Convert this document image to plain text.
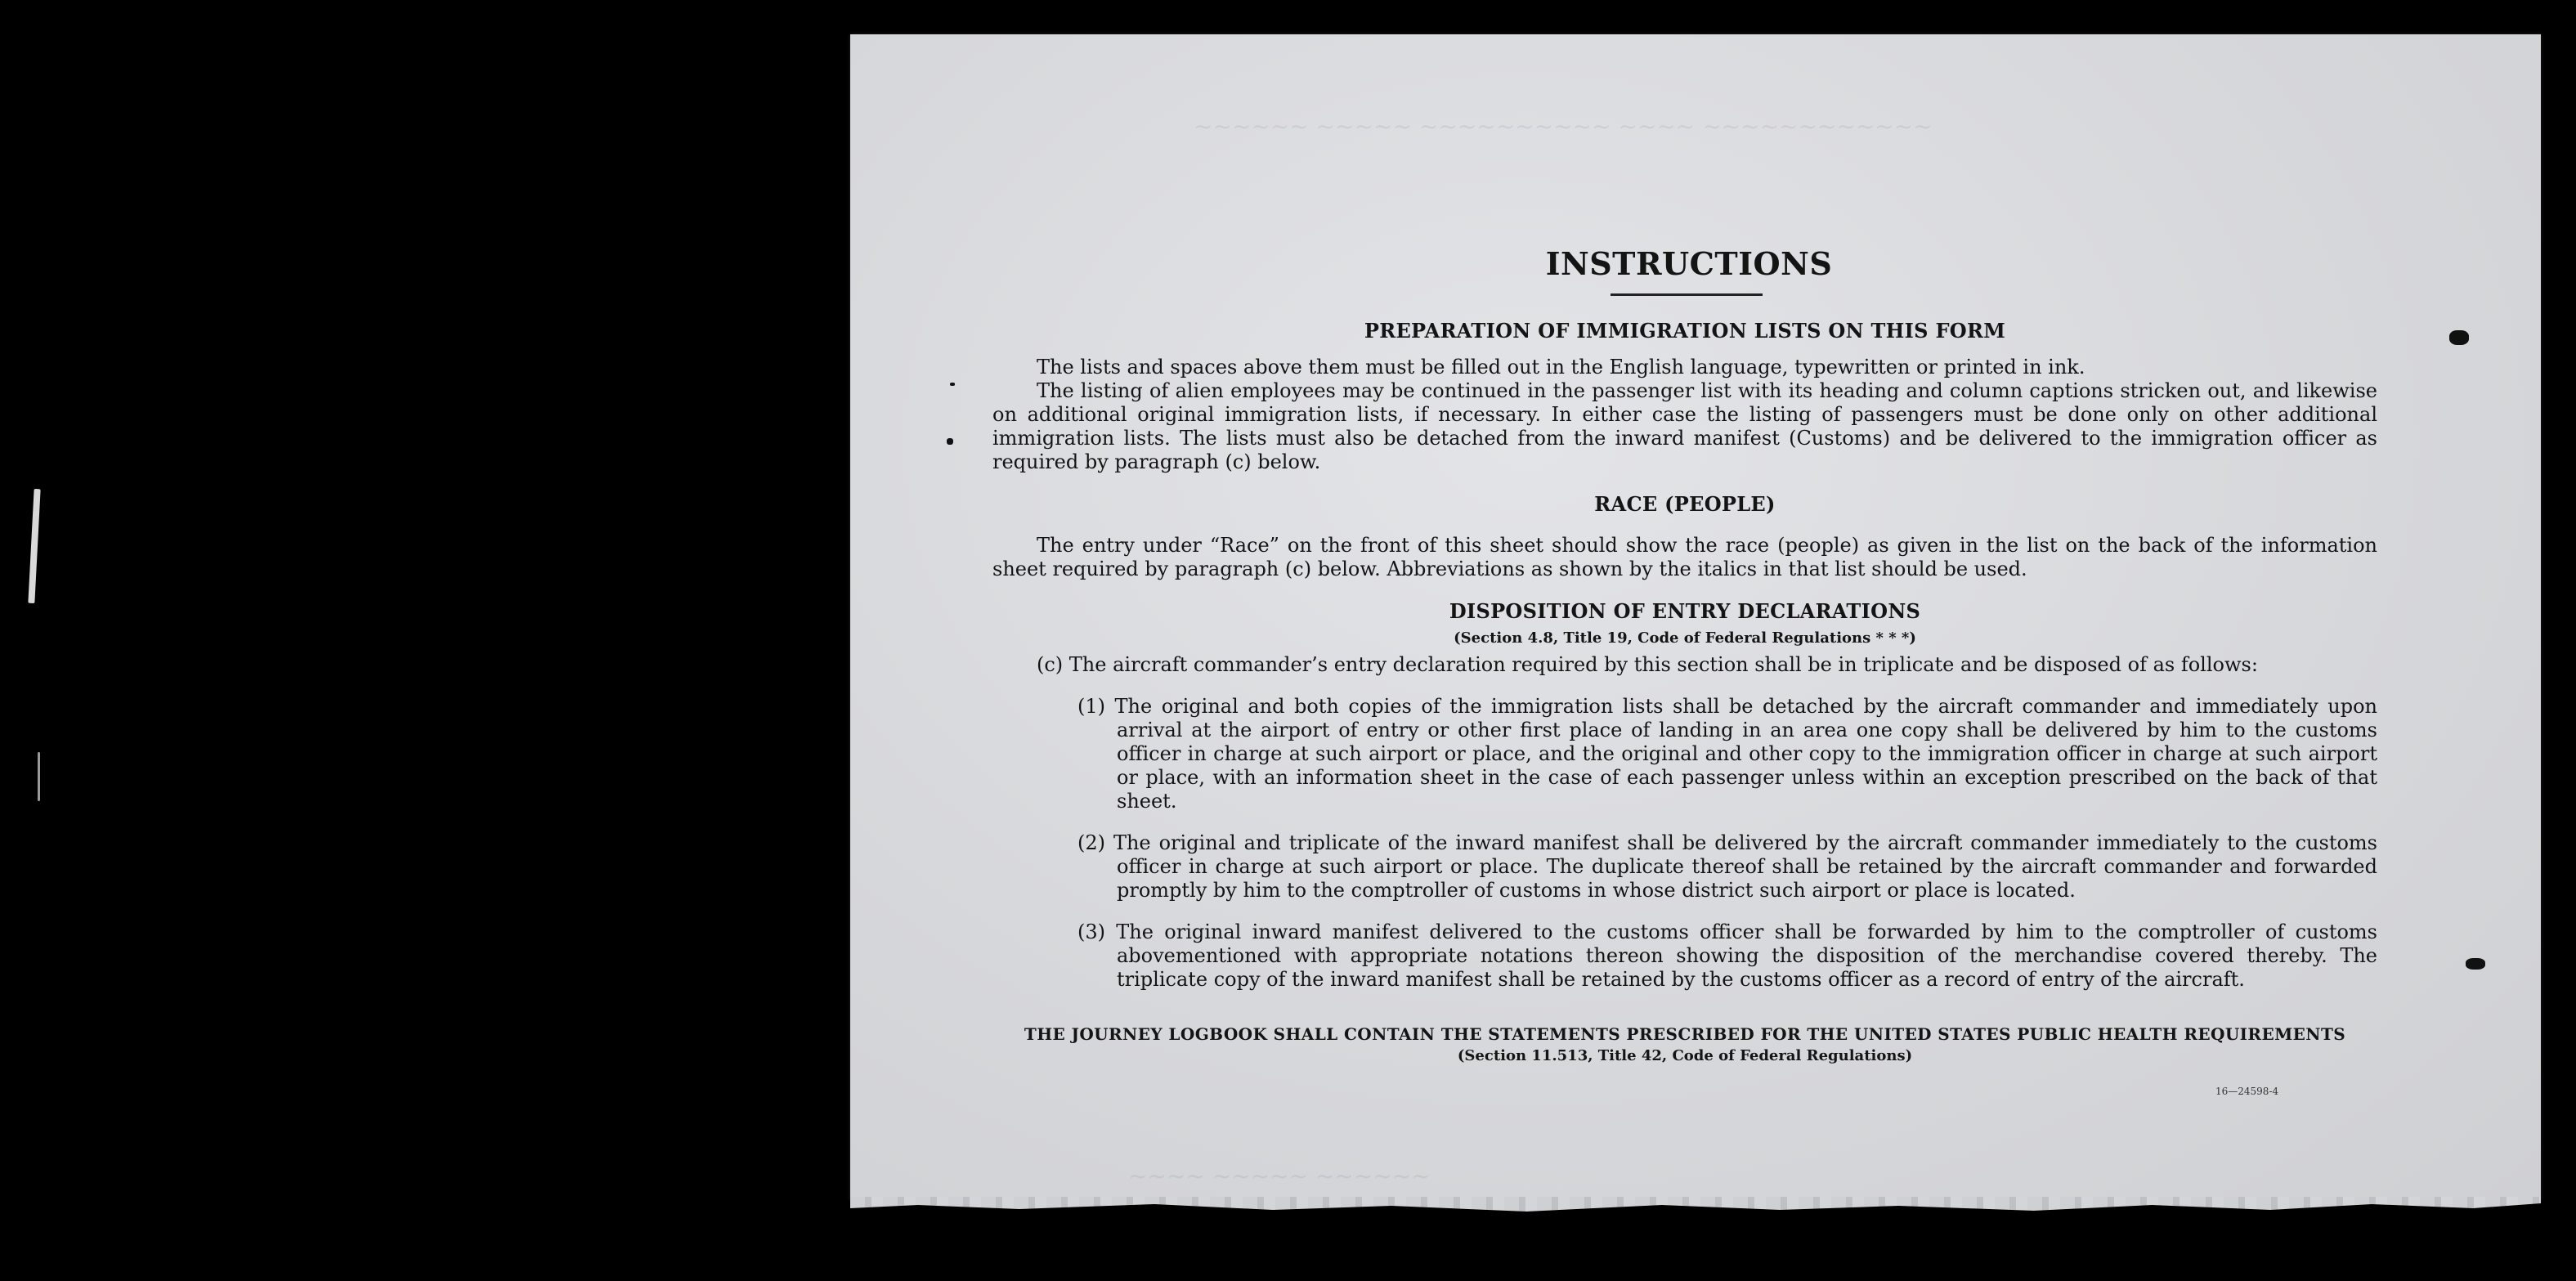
~~~~~~ ~~~~~ ~~~~~~~~~~ ~~~~ ~~~~~~~~~~~~
~~~~ ~~~~~ ~~~~~~
INSTRUCTIONS
PREPARATION OF IMMIGRATION LISTS ON THIS FORM

The lists and spaces above them must be filled out in the English language, typewritten or printed in ink.

The listing of alien employees may be continued in the passenger list with its heading and column captions stricken out, and likewise on additional original immigration lists, if necessary. In either case the listing of passengers must be done only on other additional immigration lists. The lists must also be detached from the inward manifest (Customs) and be delivered to the immigration officer as required by paragraph (c) below.

RACE (PEOPLE)

The entry under “Race” on the front of this sheet should show the race (people) as given in the list on the back of the information sheet required by paragraph (c) below. Abbreviations as shown by the italics in that list should be used.

DISPOSITION OF ENTRY DECLARATIONS

(Section 4.8, Title 19, Code of Federal Regulations * * *)

(c) The aircraft commander’s entry declaration required by this section shall be in triplicate and be disposed of as follows:

(1) The original and both copies of the immigration lists shall be detached by the aircraft commander and immediately upon arrival at the airport of entry or other first place of landing in an area one copy shall be delivered by him to the customs officer in charge at such airport or place, and the original and other copy to the immigration officer in charge at such airport or place, with an information sheet in the case of each passenger unless within an exception prescribed on the back of that sheet.

(2) The original and triplicate of the inward manifest shall be delivered by the aircraft commander immediately to the customs officer in charge at such airport or place. The duplicate thereof shall be retained by the aircraft commander and forwarded promptly by him to the comptroller of customs in whose district such airport or place is located.

(3) The original inward manifest delivered to the customs officer shall be forwarded by him to the comptroller of customs abovementioned with appropriate notations thereon showing the disposition of the merchandise covered thereby. The triplicate copy of the inward manifest shall be retained by the customs officer as a record of entry of the aircraft.

THE JOURNEY LOGBOOK SHALL CONTAIN THE STATEMENTS PRESCRIBED FOR THE UNITED STATES PUBLIC HEALTH REQUIREMENTS

(Section 11.513, Title 42, Code of Federal Regulations)

16—24598-4
